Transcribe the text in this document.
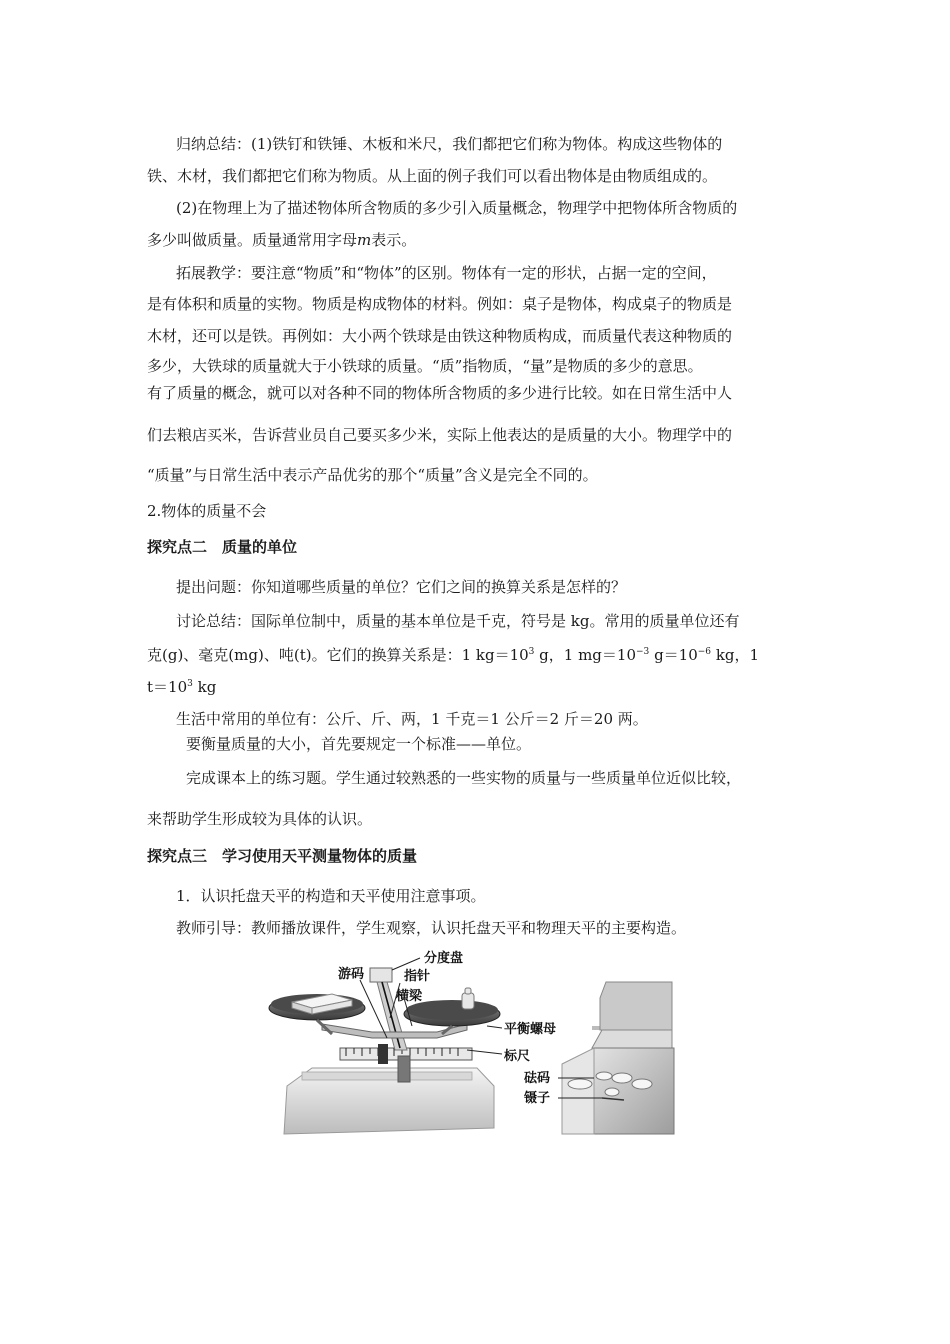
归纳总结：(1)铁钉和铁锤、木板和米尺，我们都把它们称为物体。构成这些物体的
铁、木材，我们都把它们称为物质。从上面的例子我们可以看出物体是由物质组成的。
(2)在物理上为了描述物体所含物质的多少引入质量概念，物理学中把物体所含物质的
多少叫做质量。质量通常用字母m表示。
拓展教学：要注意“物质”和“物体”的区别。物体有一定的形状，占据一定的空间，
是有体积和质量的实物。物质是构成物体的材料。例如：桌子是物体，构成桌子的物质是
木材，还可以是铁。再例如：大小两个铁球是由铁这种物质构成，而质量代表这种物质的
多少，大铁球的质量就大于小铁球的质量。“质”指物质，“量”是物质的多少的意思。
有了质量的概念，就可以对各种不同的物体所含物质的多少进行比较。如在日常生活中人
们去粮店买米，告诉营业员自己要买多少米，实际上他表达的是质量的大小。物理学中的
“质量”与日常生活中表示产品优劣的那个“质量”含义是完全不同的。
2.物体的质量不会
探究点二　质量的单位
提出问题：你知道哪些质量的单位？它们之间的换算关系是怎样的？
讨论总结：国际单位制中，质量的基本单位是千克，符号是 kg。常用的质量单位还有
克(g)、毫克(mg)、吨(t)。它们的换算关系是：1 $kg=10^3$ g，1 $mg=10^{-3}$ $g=10^{-6}$ kg，1
$t=10^3$ kg
生活中常用的单位有：公斤、斤、两，1 千克＝1 公斤＝2 斤＝20 两。
要衡量质量的大小，首先要规定一个标准——单位。
完成课本上的练习题。学生通过较熟悉的一些实物的质量与一些质量单位近似比较，
来帮助学生形成较为具体的认识。
探究点三　学习使用天平测量物体的质量
1．认识托盘天平的构造和天平使用注意事项。
教师引导：教师播放课件，学生观察，认识托盘天平和物理天平的主要构造。
分度盘
游码	指针
横梁
平衡螺母
标尺
砝码
镊子
